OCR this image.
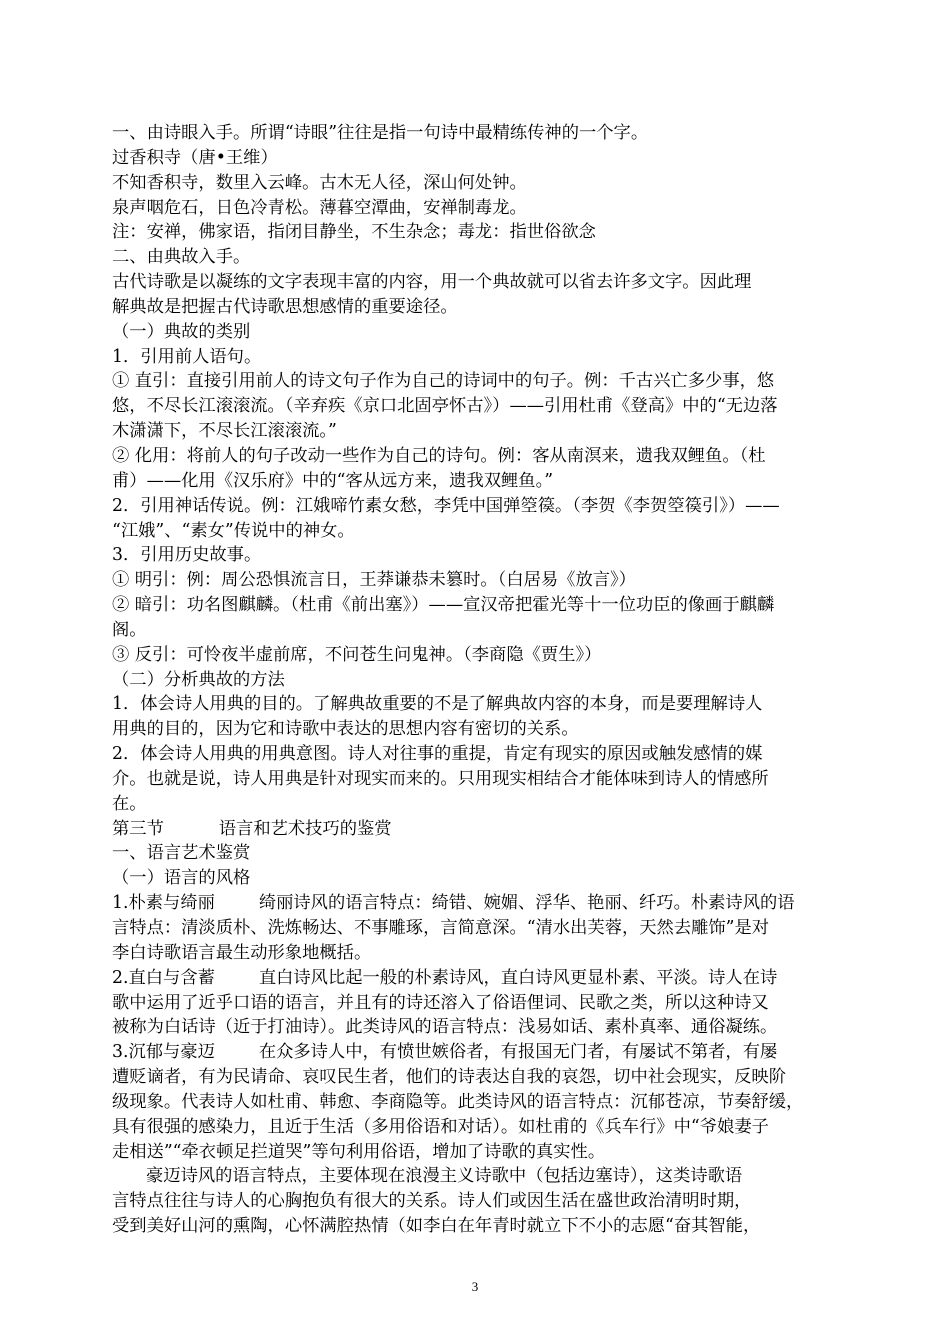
一、由诗眼入手。所谓“诗眼”往往是指一句诗中最精练传神的一个字。
过香积寺（唐•王维）
不知香积寺，数里入云峰。古木无人径，深山何处钟。
泉声咽危石，日色冷青松。薄暮空潭曲，安禅制毒龙。
注：安禅，佛家语，指闭目静坐，不生杂念；毒龙：指世俗欲念
二、由典故入手。
古代诗歌是以凝练的文字表现丰富的内容，用一个典故就可以省去许多文字。因此理
解典故是把握古代诗歌思想感情的重要途径。
（一）典故的类别
1．引用前人语句。
① 直引：直接引用前人的诗文句子作为自己的诗词中的句子。例：千古兴亡多少事，悠
悠，不尽长江滚滚流。（辛弃疾《京口北固亭怀古》）——引用杜甫《登高》中的“无边落
木潇潇下，不尽长江滚滚流。”
② 化用：将前人的句子改动一些作为自己的诗句。例：客从南溟来，遗我双鲤鱼。（杜
甫）——化用《汉乐府》中的“客从远方来，遗我双鲤鱼。”
2．引用神话传说。例：江娥啼竹素女愁，李凭中国弹箜篌。（李贺《李贺箜篌引》）——
“江娥”、“素女”传说中的神女。
3．引用历史故事。
① 明引：例：周公恐惧流言日，王莽谦恭未篡时。（白居易《放言》）
② 暗引：功名图麒麟。（杜甫《前出塞》）——宣汉帝把霍光等十一位功臣的像画于麒麟
阁。
③ 反引：可怜夜半虚前席，不问苍生问鬼神。（李商隐《贾生》）
（二）分析典故的方法
1．体会诗人用典的目的。了解典故重要的不是了解典故内容的本身，而是要理解诗人
用典的目的，因为它和诗歌中表达的思想内容有密切的关系。
2．体会诗人用典的用典意图。诗人对往事的重提，肯定有现实的原因或触发感情的媒
介。也就是说，诗人用典是针对现实而来的。只用现实相结合才能体味到诗人的情感所
在。
第三节          语言和艺术技巧的鉴赏
一、语言艺术鉴赏
（一）语言的风格
1.朴素与绮丽        绮丽诗风的语言特点：绮错、婉媚、浮华、艳丽、纤巧。朴素诗风的语
言特点：清淡质朴、洗炼畅达、不事雕琢，言简意深。“清水出芙蓉，天然去雕饰”是对
李白诗歌语言最生动形象地概括。
2.直白与含蓄        直白诗风比起一般的朴素诗风，直白诗风更显朴素、平淡。诗人在诗
歌中运用了近乎口语的语言，并且有的诗还溶入了俗语俚词、民歌之类，所以这种诗又
被称为白话诗（近于打油诗）。此类诗风的语言特点：浅易如话、素朴真率、通俗凝练。
3.沉郁与豪迈        在众多诗人中，有愤世嫉俗者，有报国无门者，有屡试不第者，有屡
遭贬谪者，有为民请命、哀叹民生者，他们的诗表达自我的哀怨，切中社会现实，反映阶
级现象。代表诗人如杜甫、韩愈、李商隐等。此类诗风的语言特点：沉郁苍凉，节奏舒缓，
具有很强的感染力，且近于生活（多用俗语和对话）。如杜甫的《兵车行》中“爷娘妻子
走相送”“牵衣顿足拦道哭”等句利用俗语，增加了诗歌的真实性。
豪迈诗风的语言特点，主要体现在浪漫主义诗歌中（包括边塞诗），这类诗歌语
言特点往往与诗人的心胸抱负有很大的关系。诗人们或因生活在盛世政治清明时期，
受到美好山河的熏陶，心怀满腔热情（如李白在年青时就立下不小的志愿“奋其智能，
3
